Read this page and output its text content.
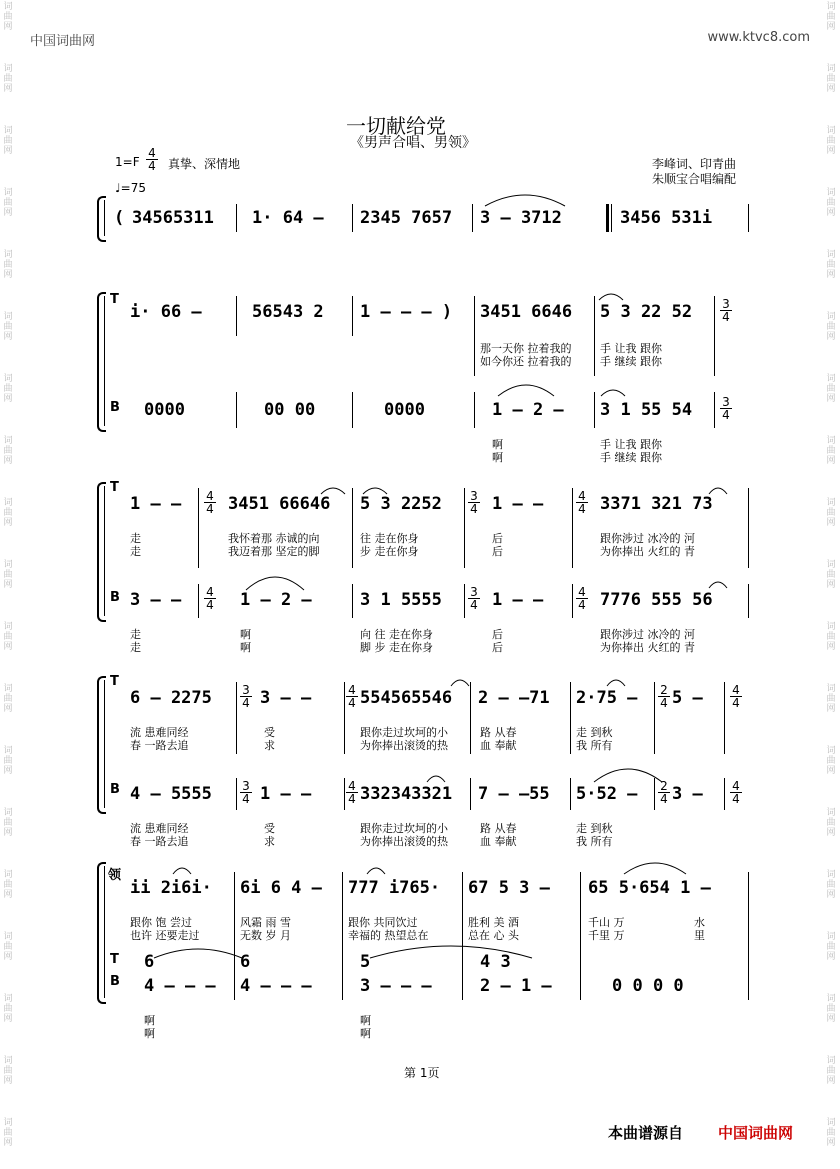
词
曲
网
词
曲
网
词
曲
网
词
曲
网
词
曲
网
词
曲
网
词
曲
网
词
曲
网
词
曲
网
词
曲
网
词
曲
网
词
曲
网
词
曲
网
词
曲
网
词
曲
网
词
曲
网
词
曲
网
词
曲
网
词
曲
网
词
曲
网
词
曲
网
词
曲
网
词
曲
网
词
曲
网
词
曲
网
词
曲
网
词
曲
网
词
曲
网
词
曲
网
词
曲
网
词
曲
网
词
曲
网
词
曲
网
词
曲
网
词
曲
网
词
曲
网
词
曲
网
词
曲
网
中国词曲网	www.ktvc8.com
一切献给党
《男声合唱、男领》
1=F
4
4 真挚、深情地
♩=75
李峰词、印青曲
朱顺宝合唱编配
( 34565311 1· 64 – 2345 7657 3 – 3712	3456 531i
T
B
i· 66 –	56543 2 1 – – – ) 3451 6646 5 3 22 52	3
4
那一天你 拉着我的	手 让我 跟你
如今你还 拉着我的	手 继续 跟你
0000	00 00	0000	1 – 2 – 3 1 55 54	3
4
啊	手 让我 跟你
啊	手 继续 跟你
T
B
1 – – 4
4 3451 66646 5 3 2252 3
4 1 – –	4
4 3371 321 73
走	我怀着那 赤诚的向	往 走在你身	后	跟你涉过 冰冷的 河
走	我迈着那 坚定的脚	步 走在你身	后	为你捧出 火红的 青
3 – – 4
4 1 – 2 –	3 1 5555 3
4 1 – –	4
4 7776 555 56
走	啊	向 往 走在你身	后	跟你涉过 冰冷的 河
走	啊	脚 步 走在你身	后	为你捧出 火红的 青
T
B
6 – 2275	3
4 3 – –	4
4 554565546 2 – –71 2·75 – 2
4 5 – 4
4
流 患难同经	受	跟你走过坎坷的小	路 从春	走 到秋
春 一路去追	求	为你捧出滚烫的热	血 奉献	我 所有
4 – 5555	3
4 1 – –	4
4 332343321 7 – –55 5·52 – 2
4 3 – 4
4
流 患难同经	受	跟你走过坎坷的小	路 从春	走 到秋
春 一路去追	求	为你捧出滚烫的热	血 奉献	我 所有
领
T
B
ii 2i6i· 6i 6 4 – 777 i765· 67 5 3 – 65 5·654 1 –
跟你 饱 尝过	风霜 雨 雪	跟你 共同饮过	胜利 美 酒	千山 万	水
也许 还要走过	无数 岁 月	幸福的 热望总在	总在 心 头	千里 万	里
6	6	5	4 3
4 – – – 4 – – –	3 – – –	2 – 1 –	0 0 0 0
啊	啊
啊	啊
第 1页
本曲谱源自 中国词曲网
